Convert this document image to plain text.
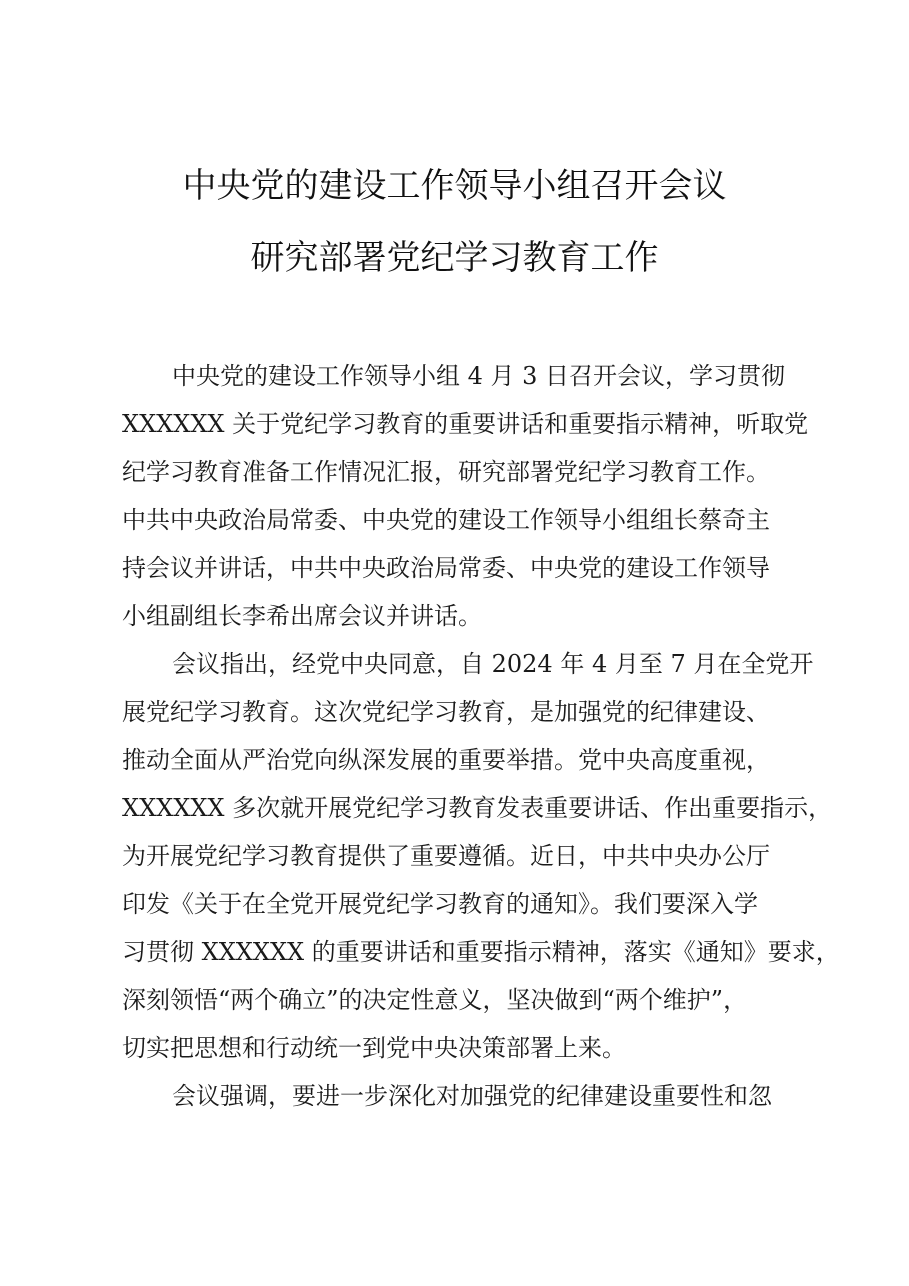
中央党的建设工作领导小组召开会议
研究部署党纪学习教育工作
中央党的建设工作领导小组 4 月 3 日召开会议，学习贯彻
XXXXXX 关于党纪学习教育的重要讲话和重要指示精神，听取党
纪学习教育准备工作情况汇报，研究部署党纪学习教育工作。
中共中央政治局常委、中央党的建设工作领导小组组长蔡奇主
持会议并讲话，中共中央政治局常委、中央党的建设工作领导
小组副组长李希出席会议并讲话。
会议指出，经党中央同意，自 2024 年 4 月至 7 月在全党开
展党纪学习教育。这次党纪学习教育，是加强党的纪律建设、
推动全面从严治党向纵深发展的重要举措。党中央高度重视，
XXXXXX 多次就开展党纪学习教育发表重要讲话、作出重要指示，
为开展党纪学习教育提供了重要遵循。近日，中共中央办公厅
印发《关于在全党开展党纪学习教育的通知》。我们要深入学
习贯彻 XXXXXX 的重要讲话和重要指示精神，落实《通知》要求，
深刻领悟“两个确立”的决定性意义，坚决做到“两个维护”，
切实把思想和行动统一到党中央决策部署上来。
会议强调，要进一步深化对加强党的纪律建设重要性和忽
